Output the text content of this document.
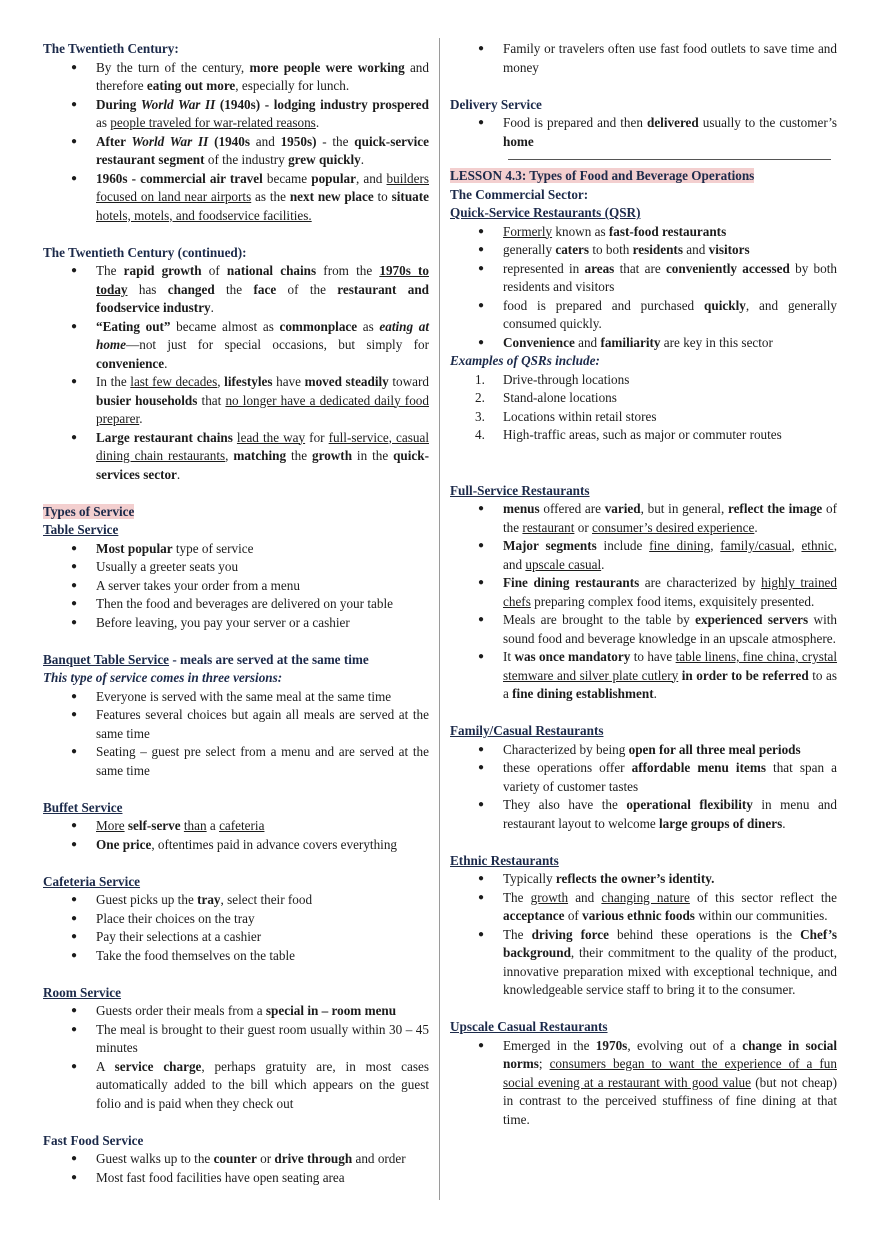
The Twentieth Century:

● By the turn of the century, more people were working and therefore eating out more, especially for lunch.
● During World War II (1940s) - lodging industry prospered as people traveled for war-related reasons.
● After World War II (1940s and 1950s) - the quick-service restaurant segment of the industry grew quickly.
● 1960s - commercial air travel became popular, and builders focused on land near airports as the next new place to situate hotels, motels, and foodservice facilities.

The Twentieth Century (continued):

● The rapid growth of national chains from the 1970s to today has changed the face of the restaurant and foodservice industry.
● “Eating out” became almost as commonplace as eating at home—not just for special occasions, but simply for convenience.
● In the last few decades, lifestyles have moved steadily toward busier households that no longer have a dedicated daily food preparer.
● Large restaurant chains lead the way for full-service, casual dining chain restaurants, matching the growth in the quick-services sector.

Types of Service

Table Service

● Most popular type of service
● Usually a greeter seats you
● A server takes your order from a menu
● Then the food and beverages are delivered on your table
● Before leaving, you pay your server or a cashier

Banquet Table Service - meals are served at the same time

This type of service comes in three versions:

● Everyone is served with the same meal at the same time
● Features several choices but again all meals are served at the same time
● Seating – guest pre select from a menu and are served at the same time

Buffet Service

● More self-serve than a cafeteria
● One price, oftentimes paid in advance covers everything

Cafeteria Service

● Guest picks up the tray, select their food
● Place their choices on the tray
● Pay their selections at a cashier
● Take the food themselves on the table

Room Service

● Guests order their meals from a special in – room menu
● The meal is brought to their guest room usually within 30 – 45 minutes
● A service charge, perhaps gratuity are, in most cases automatically added to the bill which appears on the guest folio and is paid when they check out

Fast Food Service

● Guest walks up to the counter or drive through and order
● Most fast food facilities have open seating area
● Family or travelers often use fast food outlets to save time and money

Delivery Service

● Food is prepared and then delivered usually to the customer’s home

LESSON 4.3: Types of Food and Beverage Operations

The Commercial Sector:

Quick-Service Restaurants (QSR)

● Formerly known as fast-food restaurants
● generally caters to both residents and visitors
● represented in areas that are conveniently accessed by both residents and visitors
● food is prepared and purchased quickly, and generally consumed quickly.
● Convenience and familiarity are key in this sector

Examples of QSRs include:

1. Drive-through locations
2. Stand-alone locations
3. Locations within retail stores
4. High-traffic areas, such as major or commuter routes

Full-Service Restaurants

● menus offered are varied, but in general, reflect the image of the restaurant or consumer’s desired experience.
● Major segments include fine dining, family/casual, ethnic, and upscale casual.
● Fine dining restaurants are characterized by highly trained chefs preparing complex food items, exquisitely presented.
● Meals are brought to the table by experienced servers with sound food and beverage knowledge in an upscale atmosphere.
● It was once mandatory to have table linens, fine china, crystal stemware and silver plate cutlery in order to be referred to as a fine dining establishment.

Family/Casual Restaurants

● Characterized by being open for all three meal periods
● these operations offer affordable menu items that span a variety of customer tastes
● They also have the operational flexibility in menu and restaurant layout to welcome large groups of diners.

Ethnic Restaurants

● Typically reflects the owner’s identity.
● The growth and changing nature of this sector reflect the acceptance of various ethnic foods within our communities.
● The driving force behind these operations is the Chef’s background, their commitment to the quality of the product, innovative preparation mixed with exceptional technique, and knowledgeable service staff to bring it to the consumer.

Upscale Casual Restaurants

● Emerged in the 1970s, evolving out of a change in social norms; consumers began to want the experience of a fun social evening at a restaurant with good value (but not cheap) in contrast to the perceived stuffiness of fine dining at that time.
